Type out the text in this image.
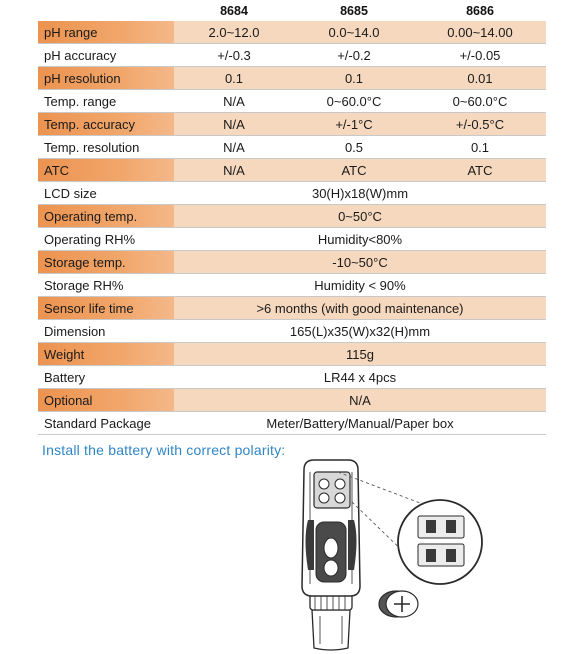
	8684	8685	8686
pH range	2.0~12.0	0.0~14.0	0.00~14.00
pH accuracy	+/-0.3	+/-0.2	+/-0.05
pH resolution	0.1	0.1	0.01
Temp. range	N/A	0~60.0°C	0~60.0°C
Temp. accuracy	N/A	+/-1°C	+/-0.5°C
Temp. resolution	N/A	0.5	0.1
ATC	N/A	ATC	ATC
LCD size	30(H)x18(W)mm		
Operating temp.	0~50°C		
Operating RH%	Humidity<80%		
Storage temp.	-10~50°C		
Storage RH%	Humidity < 90%		
Sensor life time	>6 months (with good maintenance)		
Dimension	165(L)x35(W)x32(H)mm		
Weight	115g		
Battery	LR44 x 4pcs		
Optional	N/A		
Standard Package	Meter/Battery/Manual/Paper box		
Install the battery with correct polarity:
